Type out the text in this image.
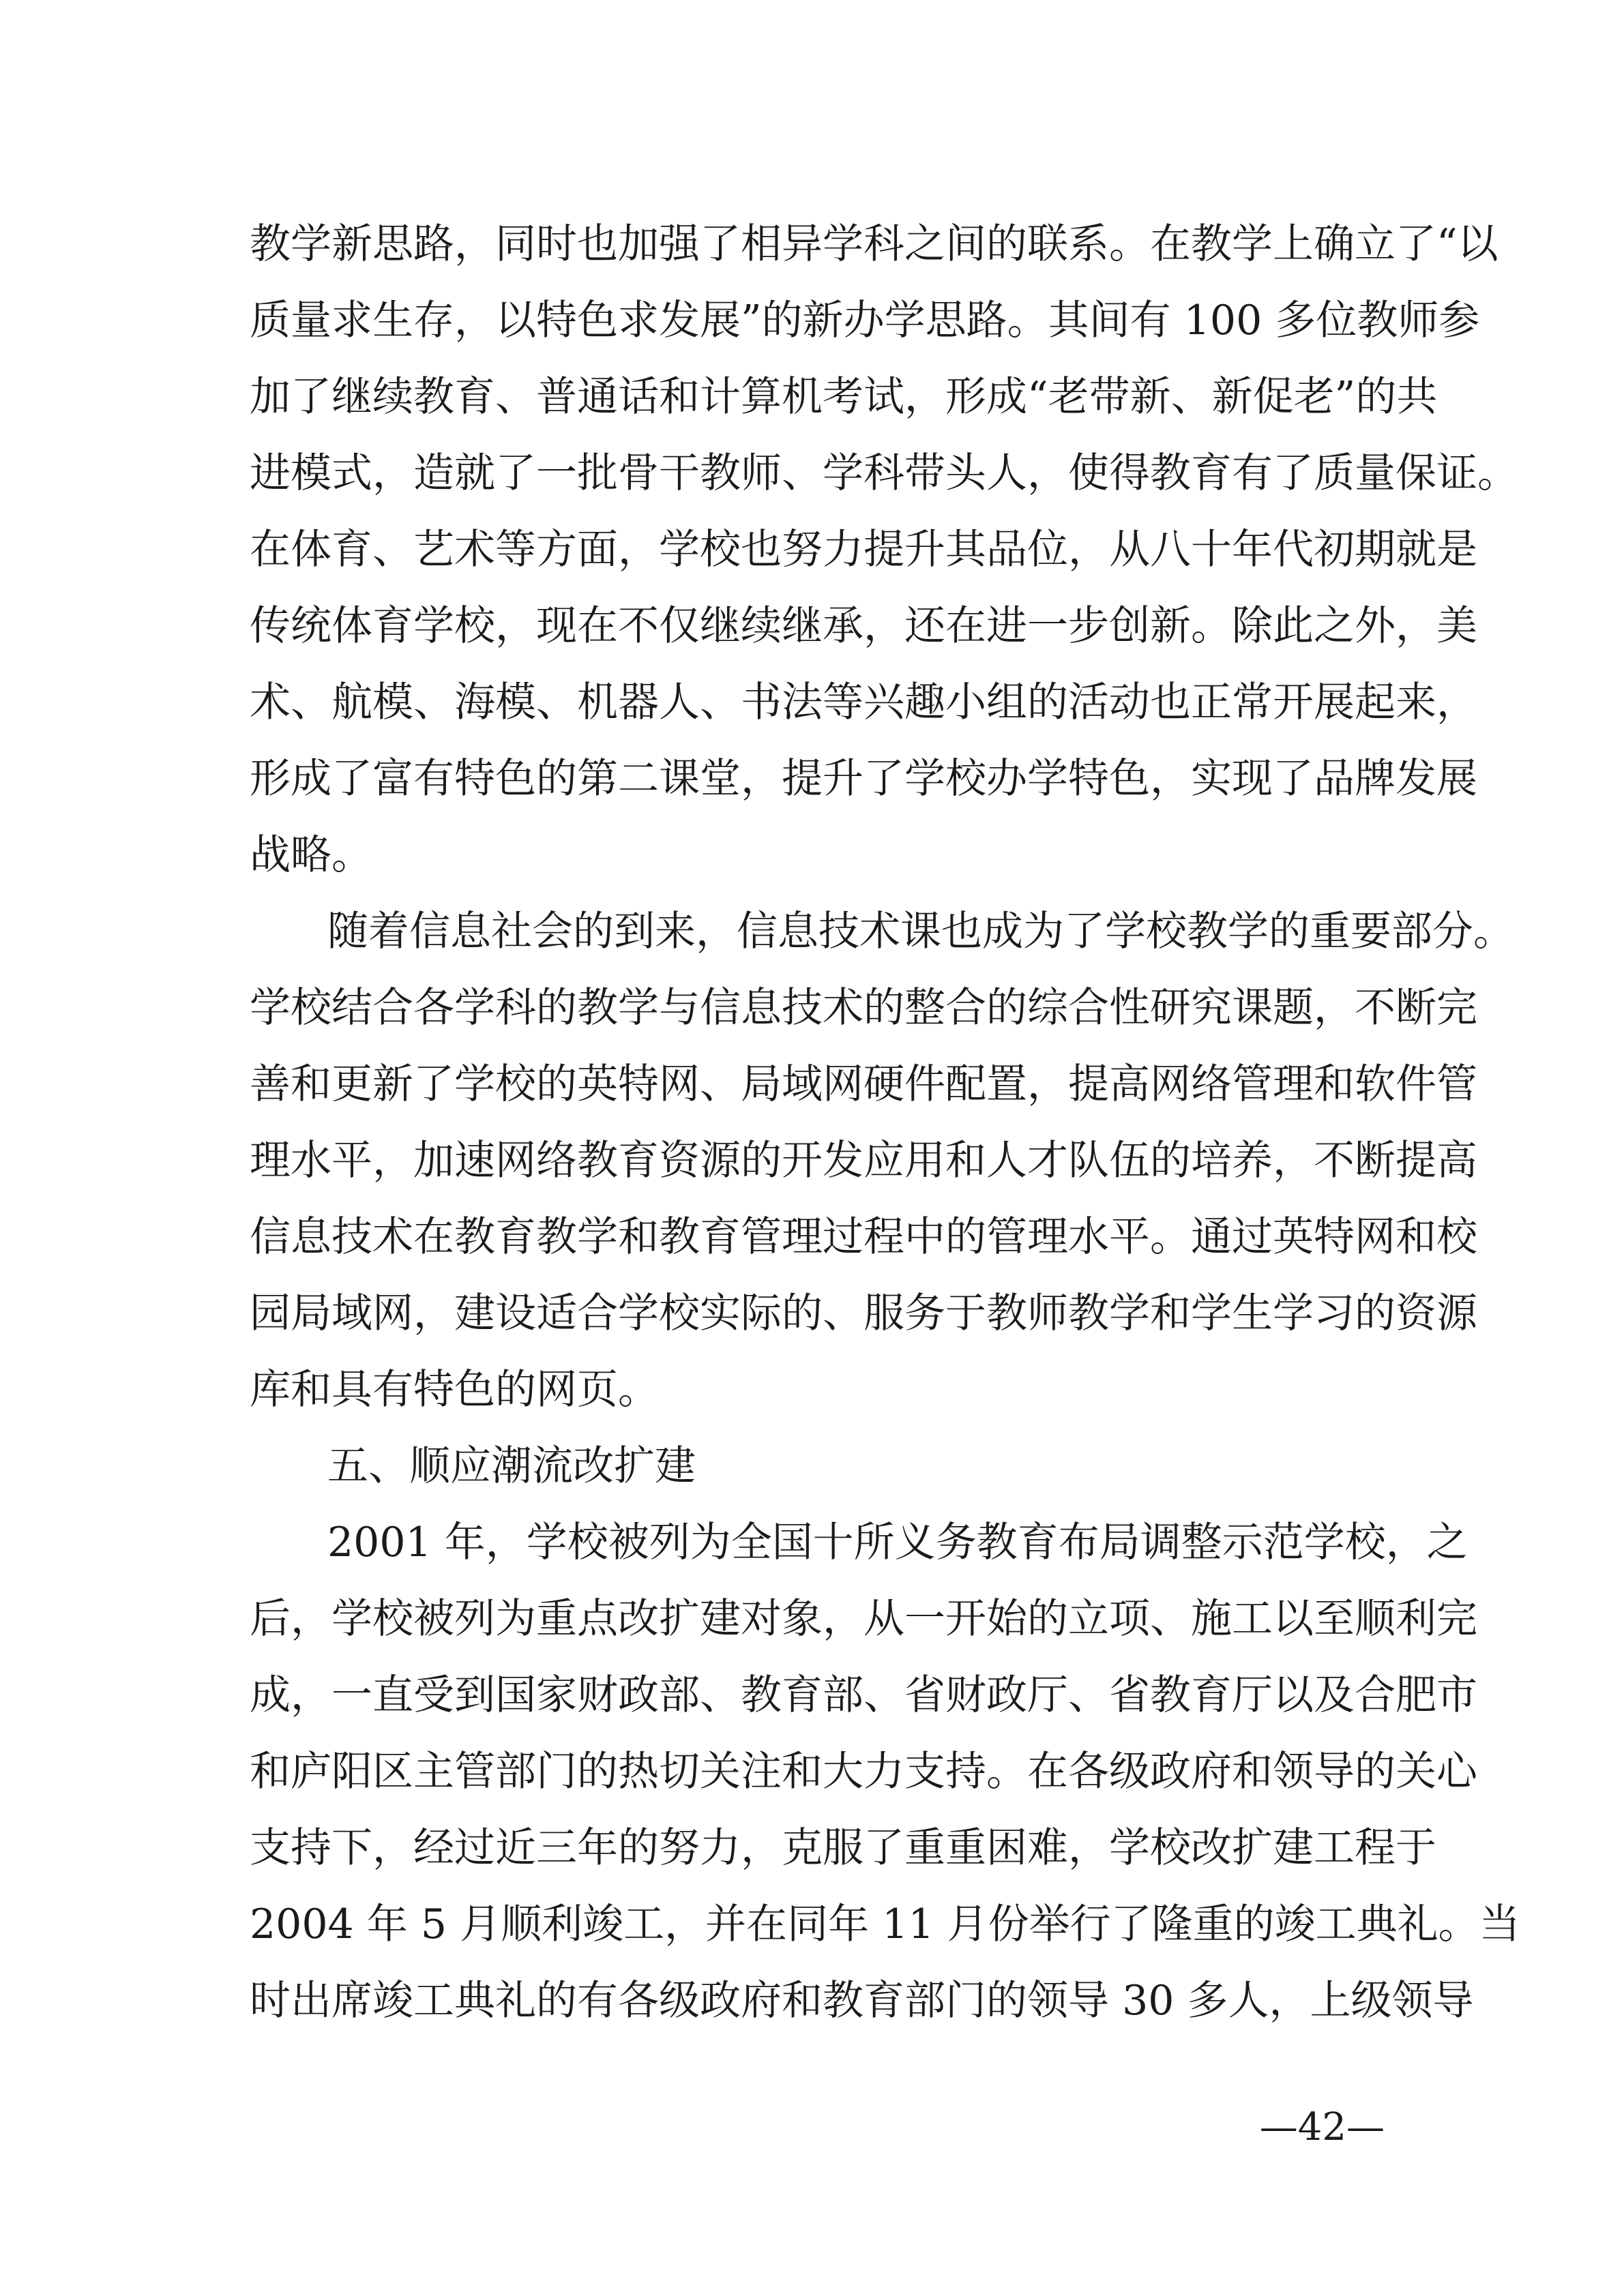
教学新思路，同时也加强了相异学科之间的联系。在教学上确立了“以
质量求生存，以特色求发展”的新办学思路。其间有 100 多位教师参
加了继续教育、普通话和计算机考试，形成“老带新、新促老”的共
进模式，造就了一批骨干教师、学科带头人，使得教育有了质量保证。
在体育、艺术等方面，学校也努力提升其品位，从八十年代初期就是
传统体育学校，现在不仅继续继承，还在进一步创新。除此之外，美
术、航模、海模、机器人、书法等兴趣小组的活动也正常开展起来，
形成了富有特色的第二课堂，提升了学校办学特色，实现了品牌发展
战略。
随着信息社会的到来，信息技术课也成为了学校教学的重要部分。
学校结合各学科的教学与信息技术的整合的综合性研究课题，不断完
善和更新了学校的英特网、局域网硬件配置，提高网络管理和软件管
理水平，加速网络教育资源的开发应用和人才队伍的培养，不断提高
信息技术在教育教学和教育管理过程中的管理水平。通过英特网和校
园局域网，建设适合学校实际的、服务于教师教学和学生学习的资源
库和具有特色的网页。
五、顺应潮流改扩建
2001 年，学校被列为全国十所义务教育布局调整示范学校，之
后，学校被列为重点改扩建对象，从一开始的立项、施工以至顺利完
成，一直受到国家财政部、教育部、省财政厅、省教育厅以及合肥市
和庐阳区主管部门的热切关注和大力支持。在各级政府和领导的关心
支持下，经过近三年的努力，克服了重重困难，学校改扩建工程于
2004 年 5 月顺利竣工，并在同年 11 月份举行了隆重的竣工典礼。当
时出席竣工典礼的有各级政府和教育部门的领导 30 多人，上级领导
—42—
